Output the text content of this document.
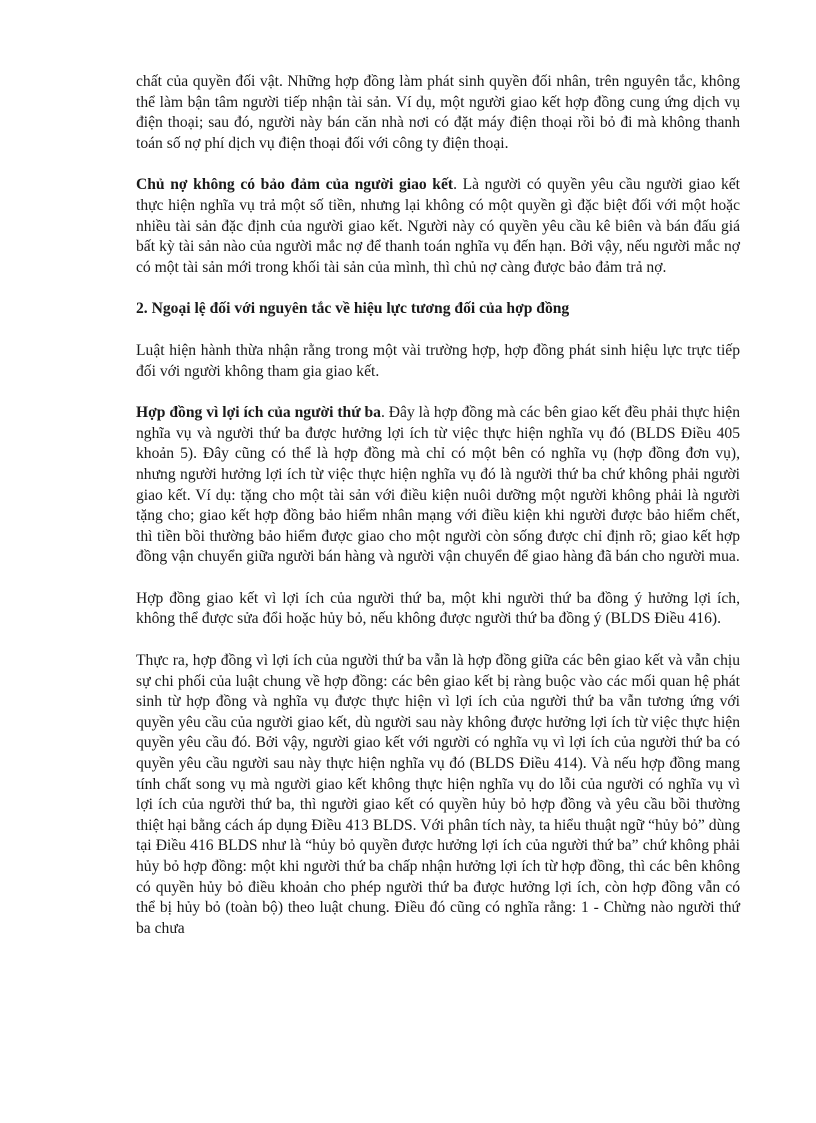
chất của quyền đối vật. Những hợp đồng làm phát sinh quyền đối nhân, trên nguyên tắc, không thể làm bận tâm người tiếp nhận tài sản. Ví dụ, một người giao kết hợp đồng cung ứng dịch vụ điện thoại; sau đó, người này bán căn nhà nơi có đặt máy điện thoại rồi bỏ đi mà không thanh toán số nợ phí dịch vụ điện thoại đối với công ty điện thoại.

Chủ nợ không có bảo đảm của người giao kết. Là người có quyền yêu cầu người giao kết thực hiện nghĩa vụ trả một số tiền, nhưng lại không có một quyền gì đặc biệt đối với một hoặc nhiều tài sản đặc định của người giao kết. Người này có quyền yêu cầu kê biên và bán đấu giá bất kỳ tài sản nào của người mắc nợ để thanh toán nghĩa vụ đến hạn. Bởi vậy, nếu người mắc nợ có một tài sản mới trong khối tài sản của mình, thì chủ nợ càng được bảo đảm trả nợ.

2. Ngoại lệ đối với nguyên tắc về hiệu lực tương đối của hợp đồng

Luật hiện hành thừa nhận rằng trong một vài trường hợp, hợp đồng phát sinh hiệu lực trực tiếp đối với người không tham gia giao kết.

Hợp đồng vì lợi ích của người thứ ba. Đây là hợp đồng mà các bên giao kết đều phải thực hiện nghĩa vụ và người thứ ba được hưởng lợi ích từ việc thực hiện nghĩa vụ đó (BLDS Điều 405 khoản 5). Đây cũng có thể là hợp đồng mà chỉ có một bên có nghĩa vụ (hợp đồng đơn vụ), nhưng người hưởng lợi ích từ việc thực hiện nghĩa vụ đó là người thứ ba chứ không phải người giao kết. Ví dụ: tặng cho một tài sản với điều kiện nuôi dưỡng một người không phải là người tặng cho; giao kết hợp đồng bảo hiểm nhân mạng với điều kiện khi người được bảo hiểm chết, thì tiền bồi thường bảo hiểm được giao cho một người còn sống được chỉ định rõ; giao kết hợp đồng vận chuyển giữa người bán hàng và người vận chuyển để giao hàng đã bán cho người mua.

Hợp đồng giao kết vì lợi ích của người thứ ba, một khi người thứ ba đồng ý hưởng lợi ích, không thể được sửa đổi hoặc hủy bỏ, nếu không được người thứ ba đồng ý (BLDS Điều 416).

Thực ra, hợp đồng vì lợi ích của người thứ ba vẫn là hợp đồng giữa các bên giao kết và vẫn chịu sự chi phối của luật chung về hợp đồng: các bên giao kết bị ràng buộc vào các mối quan hệ phát sinh từ hợp đồng và nghĩa vụ được thực hiện vì lợi ích của người thứ ba vẫn tương ứng với quyền yêu cầu của người giao kết, dù người sau này không được hưởng lợi ích từ việc thực hiện quyền yêu cầu đó. Bởi vậy, người giao kết với người có nghĩa vụ vì lợi ích của người thứ ba có quyền yêu cầu người sau này thực hiện nghĩa vụ đó (BLDS Điều 414). Và nếu hợp đồng mang tính chất song vụ mà người giao kết không thực hiện nghĩa vụ do lỗi của người có nghĩa vụ vì lợi ích của người thứ ba, thì người giao kết có quyền hủy bỏ hợp đồng và yêu cầu bồi thường thiệt hại bằng cách áp dụng Điều 413 BLDS. Với phân tích này, ta hiểu thuật ngữ “hủy bỏ” dùng tại Điều 416 BLDS như là “hủy bỏ quyền được hưởng lợi ích của người thứ ba” chứ không phải hủy bỏ hợp đồng: một khi người thứ ba chấp nhận hưởng lợi ích từ hợp đồng, thì các bên không có quyền hủy bỏ điều khoản cho phép người thứ ba được hưởng lợi ích, còn hợp đồng vẫn có thể bị hủy bỏ (toàn bộ) theo luật chung. Điều đó cũng có nghĩa rằng: 1 - Chừng nào người thứ ba chưa
